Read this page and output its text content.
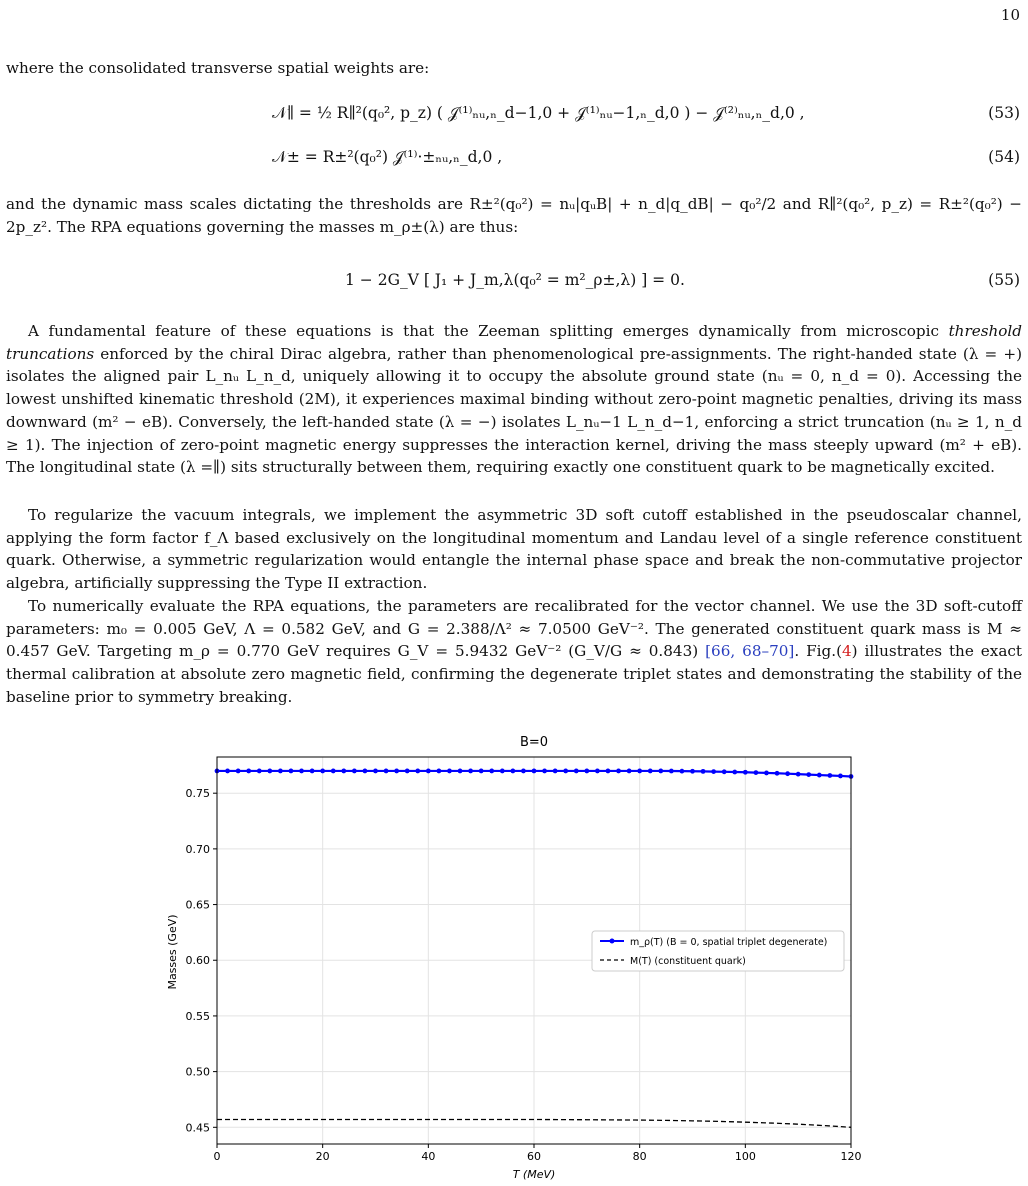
10

where the consolidated transverse spatial weights are:

𝒩∥ = ½ R∥²(q₀², p_z) ( 𝒥⁽¹⁾ₙᵤ,ₙ_d−1,0 + 𝒥⁽¹⁾ₙᵤ−1,ₙ_d,0 ) − 𝒥⁽²⁾ₙᵤ,ₙ_d,0 ,	(53)
𝒩± = R±²(q₀²) 𝒥⁽¹⁾·±ₙᵤ,ₙ_d,0 ,	(54)

and the dynamic mass scales dictating the thresholds are R±²(q₀²) = nᵤ|qᵤB| + n_d|q_dB| − q₀²/2 and R∥²(q₀², p_z) = R±²(q₀²) − 2p_z². The RPA equations governing the masses m_ρ±(λ) are thus:

1 − 2G_V [ J₁ + J_m,λ(q₀² = m²_ρ±,λ) ] = 0.	(55)

A fundamental feature of these equations is that the Zeeman splitting emerges dynamically from microscopic threshold truncations enforced by the chiral Dirac algebra, rather than phenomenological pre-assignments. The right-handed state (λ = +) isolates the aligned pair L_nᵤ L_n_d, uniquely allowing it to occupy the absolute ground state (nᵤ = 0, n_d = 0). Accessing the lowest unshifted kinematic threshold (2M), it experiences maximal binding without zero-point magnetic penalties, driving its mass downward (m² − eB). Conversely, the left-handed state (λ = −) isolates L_nᵤ−1 L_n_d−1, enforcing a strict truncation (nᵤ ≥ 1, n_d ≥ 1). The injection of zero-point magnetic energy suppresses the interaction kernel, driving the mass steeply upward (m² + eB). The longitudinal state (λ =∥) sits structurally between them, requiring exactly one constituent quark to be magnetically excited.

To regularize the vacuum integrals, we implement the asymmetric 3D soft cutoff established in the pseudoscalar channel, applying the form factor f_Λ based exclusively on the longitudinal momentum and Landau level of a single reference constituent quark. Otherwise, a symmetric regularization would entangle the internal phase space and break the non-commutative projector algebra, artificially suppressing the Type II extraction.

To numerically evaluate the RPA equations, the parameters are recalibrated for the vector channel. We use the 3D soft-cutoff parameters: m₀ = 0.005 GeV, Λ = 0.582 GeV, and G = 2.388/Λ² ≈ 7.0500 GeV⁻². The generated constituent quark mass is M ≈ 0.457 GeV. Targeting m_ρ = 0.770 GeV requires G_V = 5.9432 GeV⁻² (G_V/G ≈ 0.843) [66, 68–70]. Fig.(4) illustrates the exact thermal calibration at absolute zero magnetic field, confirming the degenerate triplet states and demonstrating the stability of the baseline prior to symmetry breaking.

B=0
0	20	40	60	80	100	120
0.45
0.50
0.55
0.60
0.65
0.70
0.75
T (MeV)
Masses (GeV)	m_ρ(T) (B = 0, spatial triplet degenerate)
M(T) (constituent quark)
